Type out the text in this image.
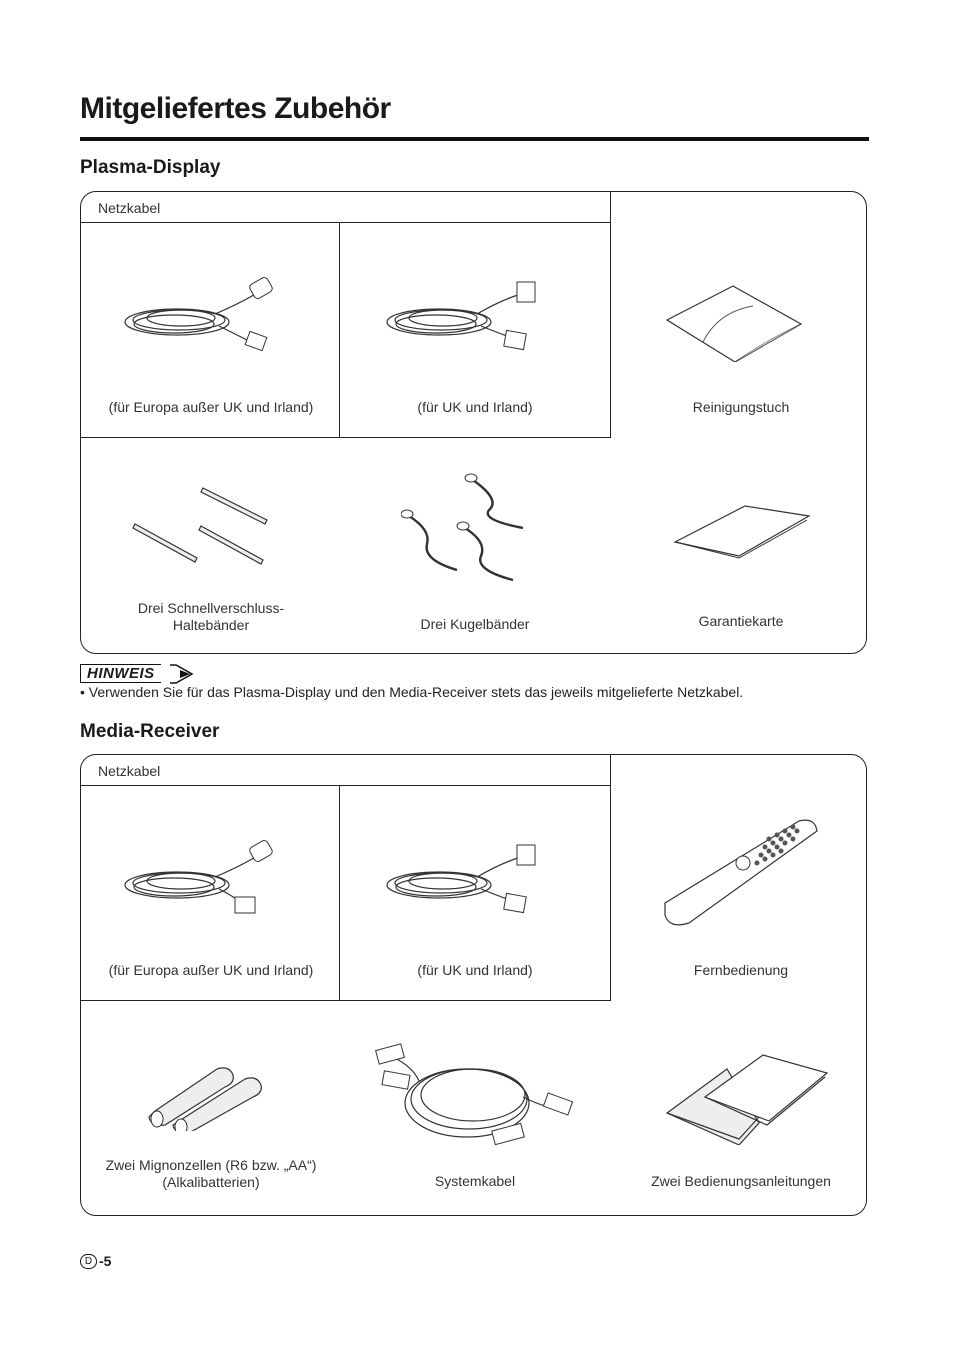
Mitgeliefertes Zubehör
Plasma-Display
Netzkabel
(für Europa außer UK und Irland)	(für UK und Irland)	Reinigungstuch
Drei Schnellverschluss-
Haltebänder	Drei Kugelbänder	Garantiekarte
HINWEIS
• Verwenden Sie für das Plasma-Display und den Media-Receiver stets das jeweils mitgelieferte Netzkabel.
Media-Receiver
Netzkabel
(für Europa außer UK und Irland)	(für UK und Irland)	Fernbedienung
Zwei Mignonzellen (R6 bzw. „AA“)
(Alkalibatterien)	Systemkabel	Zwei Bedienungsanleitungen
D -5
